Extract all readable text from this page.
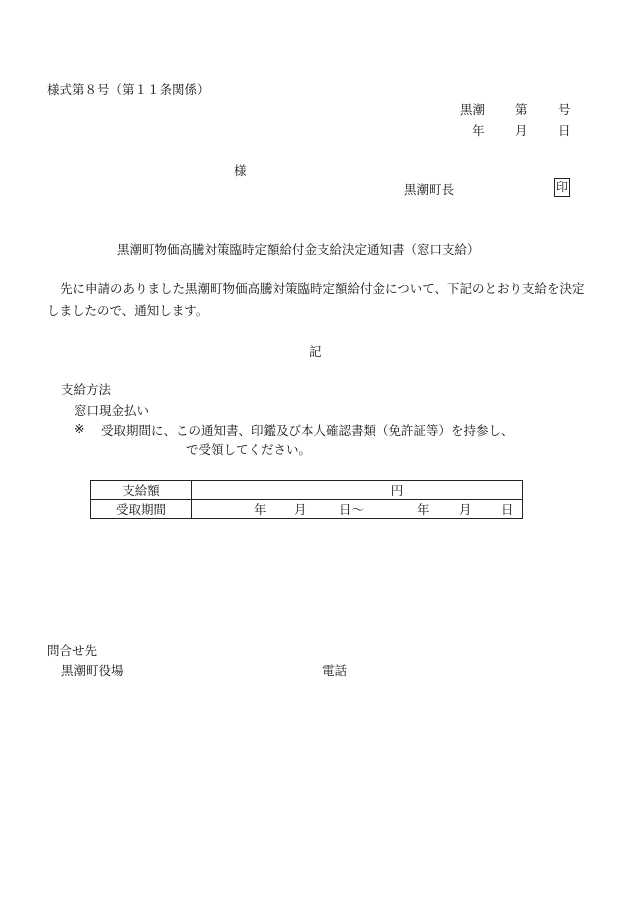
様式第８号（第１１条関係）
黒潮 第 号
年 月 日
様
黒潮町長	印
黒潮町物価高騰対策臨時定額給付金支給決定通知書（窓口支給）
先に申請のありました黒潮町物価高騰対策臨時定額給付金について、下記のとおり支給を決定しましたので、通知します。
記
支給方法
窓口現金払い
※ 受取期間に、この通知書、印鑑及び本人確認書類（免許証等）を持参し、
で受領してください。
支給額	円
受取期間	年 月 日〜 年 月 日
問合せ先
黒潮町役場	電話
